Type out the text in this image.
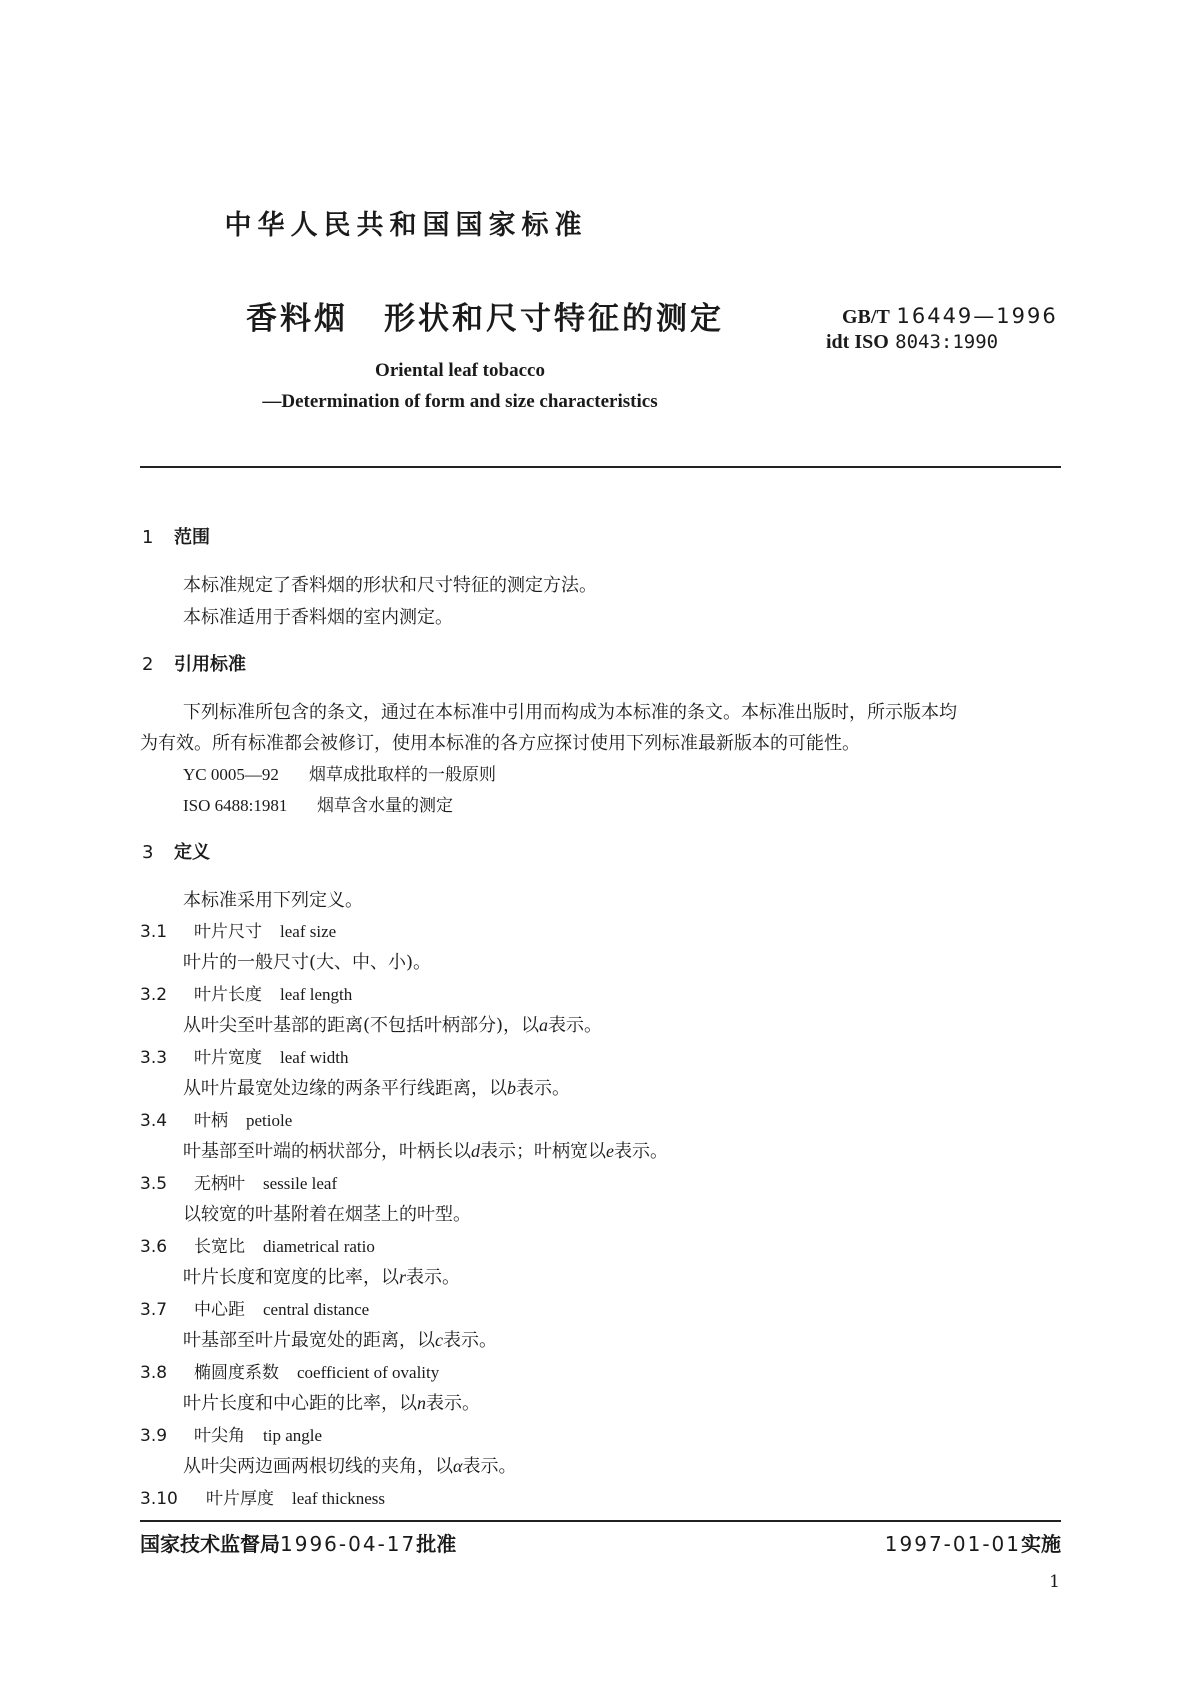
中华人民共和国国家标准
香料烟 形状和尺寸特征的测定	GB/T 16449—1996
idt ISO 8043:1990
Oriental leaf tobacco
—Determination of form and size characteristics
1 范围
本标准规定了香料烟的形状和尺寸特征的测定方法。
本标准适用于香料烟的室内测定。
2 引用标准
下列标准所包含的条文，通过在本标准中引用而构成为本标准的条文。本标准出版时，所示版本均
为有效。所有标准都会被修订，使用本标准的各方应探讨使用下列标准最新版本的可能性。
YC 0005—92 烟草成批取样的一般原则
ISO 6488:1981 烟草含水量的测定
3 定义
本标准采用下列定义。
3.1 叶片尺寸 leaf size
叶片的一般尺寸(大、中、小)。
3.2 叶片长度 leaf length
从叶尖至叶基部的距离(不包括叶柄部分)，以a表示。
3.3 叶片宽度 leaf width
从叶片最宽处边缘的两条平行线距离，以b表示。
3.4 叶柄 petiole
叶基部至叶端的柄状部分，叶柄长以d表示；叶柄宽以e表示。
3.5 无柄叶 sessile leaf
以较宽的叶基附着在烟茎上的叶型。
3.6 长宽比 diametrical ratio
叶片长度和宽度的比率，以r表示。
3.7 中心距 central distance
叶基部至叶片最宽处的距离，以c表示。
3.8 椭圆度系数 coefficient of ovality
叶片长度和中心距的比率，以n表示。
3.9 叶尖角 tip angle
从叶尖两边画两根切线的夹角，以α表示。
3.10 叶片厚度 leaf thickness
国家技术监督局1996-04-17批准	1997-01-01实施
1
